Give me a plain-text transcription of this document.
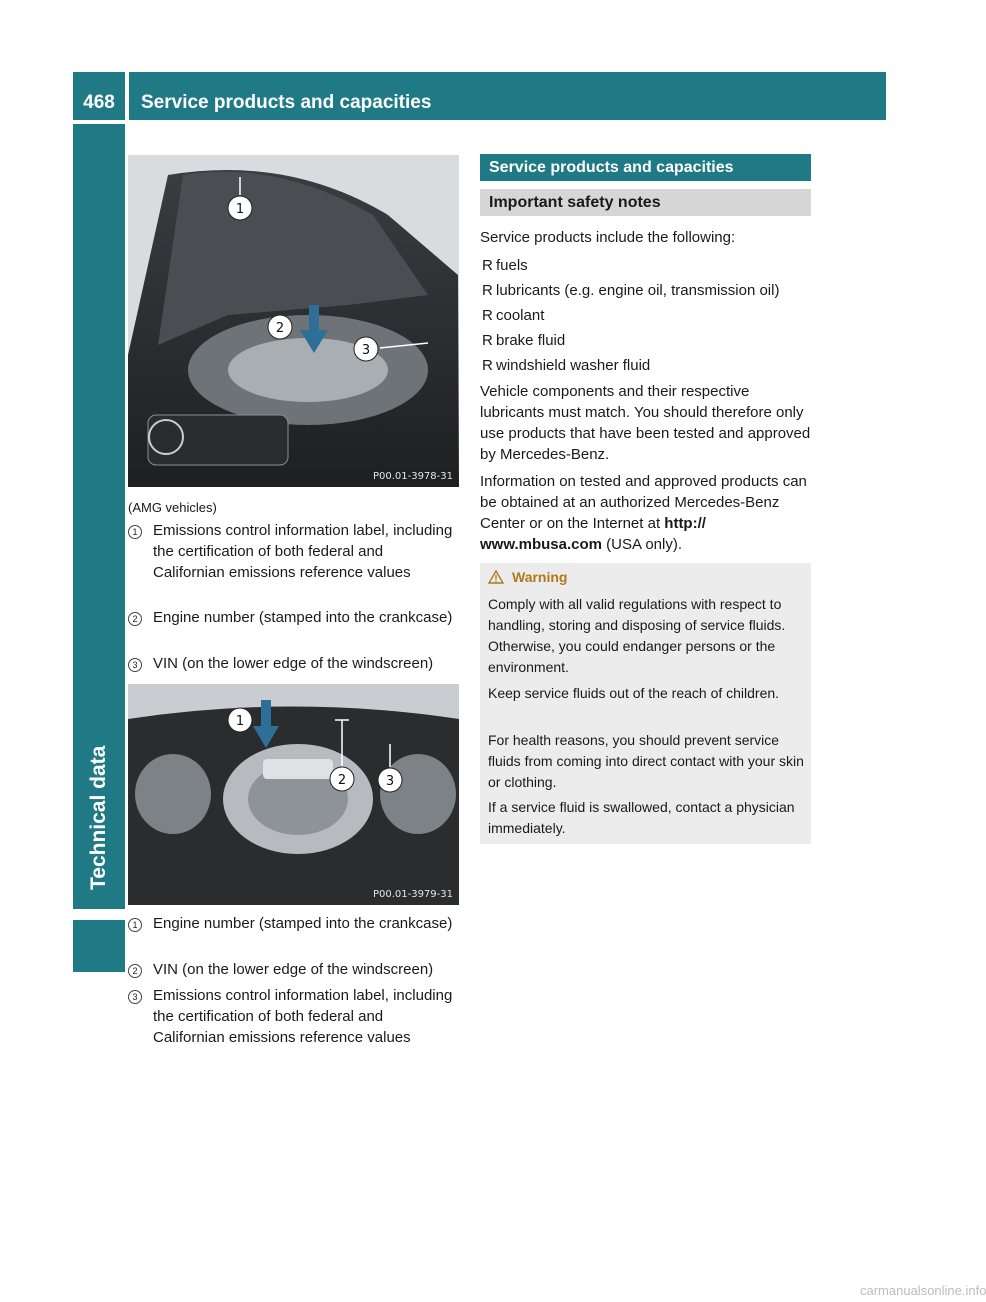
468	Service products and capacities
Technical data
1
2
3
P00.01-3978-31
(AMG vehicles)
1	Emissions control information label, including the certification of both federal and Californian emissions reference values
2	Engine number (stamped into the crankcase)
3	VIN (on the lower edge of the windscreen)
1
2	3
P00.01-3979-31
1	Engine number (stamped into the crankcase)
2	VIN (on the lower edge of the windscreen)
3	Emissions control information label, including the certification of both federal and Californian emissions reference values
Service products and capacities
Important safety notes
Service products include the following:
R fuels
R lubricants (e.g. engine oil, transmission oil)
R coolant
R brake fluid
R windshield washer fluid
Vehicle components and their respective lubricants must match. You should therefore only use products that have been tested and approved by Mercedes-Benz.
Information on tested and approved products can be obtained at an authorized Mercedes-Benz Center or on the Internet at http:// www.mbusa.com (USA only).
Warning
Comply with all valid regulations with respect to handling, storing and disposing of service fluids. Otherwise, you could endanger persons or the environment.
Keep service fluids out of the reach of children.
For health reasons, you should prevent service fluids from coming into direct contact with your skin or clothing.
If a service fluid is swallowed, contact a physician immediately.
carmanualsonline.info
